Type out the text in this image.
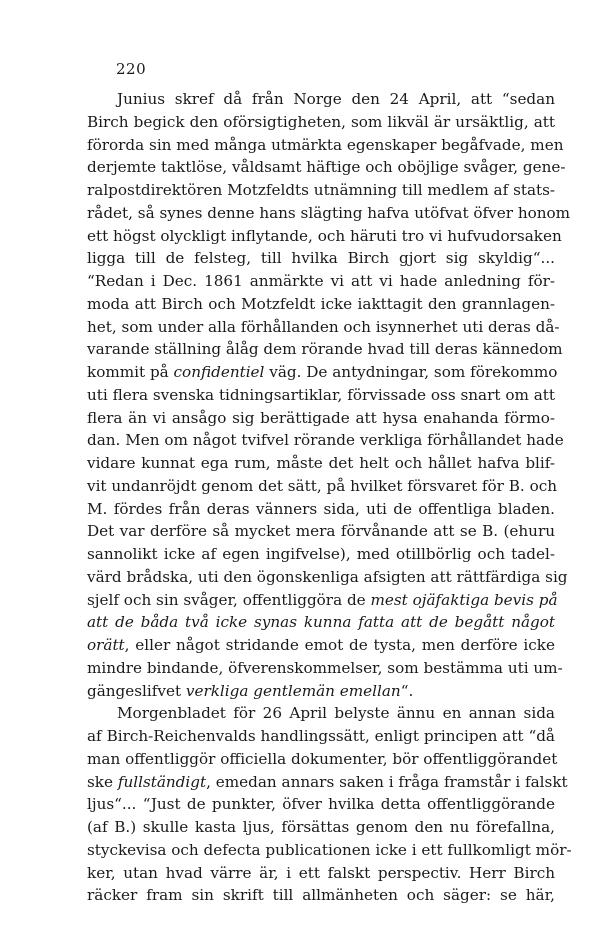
220
Junius skref då från Norge den 24 April, att “sedan
Birch begick den oförsigtigheten, som likväl är ursäktlig, att
förorda sin med många utmärkta egenskaper begåfvade, men
derjemte taktlöse, våldsamt häftige och oböjlige svåger, gene-
ralpostdirektören Motzfeldts utnämning till medlem af stats-
rådet, så synes denne hans slägting hafva utöfvat öfver honom
ett högst olyckligt inflytande, och häruti tro vi hufvudorsaken
ligga till de felsteg, till hvilka Birch gjort sig skyldig“...
“Redan i Dec. 1861 anmärkte vi att vi hade anledning för-
moda att Birch och Motzfeldt icke iakttagit den grannlagen-
het, som under alla förhållanden och isynnerhet uti deras då-
varande ställning ålåg dem rörande hvad till deras kännedom
kommit på confidentiel väg. De antydningar, som förekommo
uti flera svenska tidningsartiklar, förvissade oss snart om att
flera än vi ansågo sig berättigade att hysa enahanda förmo-
dan. Men om något tvifvel rörande verkliga förhållandet hade
vidare kunnat ega rum, måste det helt och hållet hafva blif-
vit undanröjdt genom det sätt, på hvilket försvaret för B. och
M. fördes från deras vänners sida, uti de offentliga bladen.
Det var derföre så mycket mera förvånande att se B. (ehuru
sannolikt icke af egen ingifvelse), med otillbörlig och tadel-
värd brådska, uti den ögonskenliga afsigten att rättfärdiga sig
sjelf och sin svåger, offentliggöra de mest ojäfaktiga bevis på
att de båda två icke synas kunna fatta att de begått något
orätt, eller något stridande emot de tysta, men derföre icke
mindre bindande, öfverenskommelser, som bestämma uti um-
gängeslifvet verkliga gentlemän emellan“.
Morgenbladet för 26 April belyste ännu en annan sida
af Birch-Reichenvalds handlingssätt, enligt principen att “då
man offentliggör officiella dokumenter, bör offentliggörandet
ske fullständigt, emedan annars saken i fråga framstår i falskt
ljus“... “Just de punkter, öfver hvilka detta offentliggörande
(af B.) skulle kasta ljus, försättas genom den nu förefallna,
styckevisa och defecta publicationen icke i ett fullkomligt mör-
ker, utan hvad värre är, i ett falskt perspectiv. Herr Birch
räcker fram sin skrift till allmänheten och säger: se här,
